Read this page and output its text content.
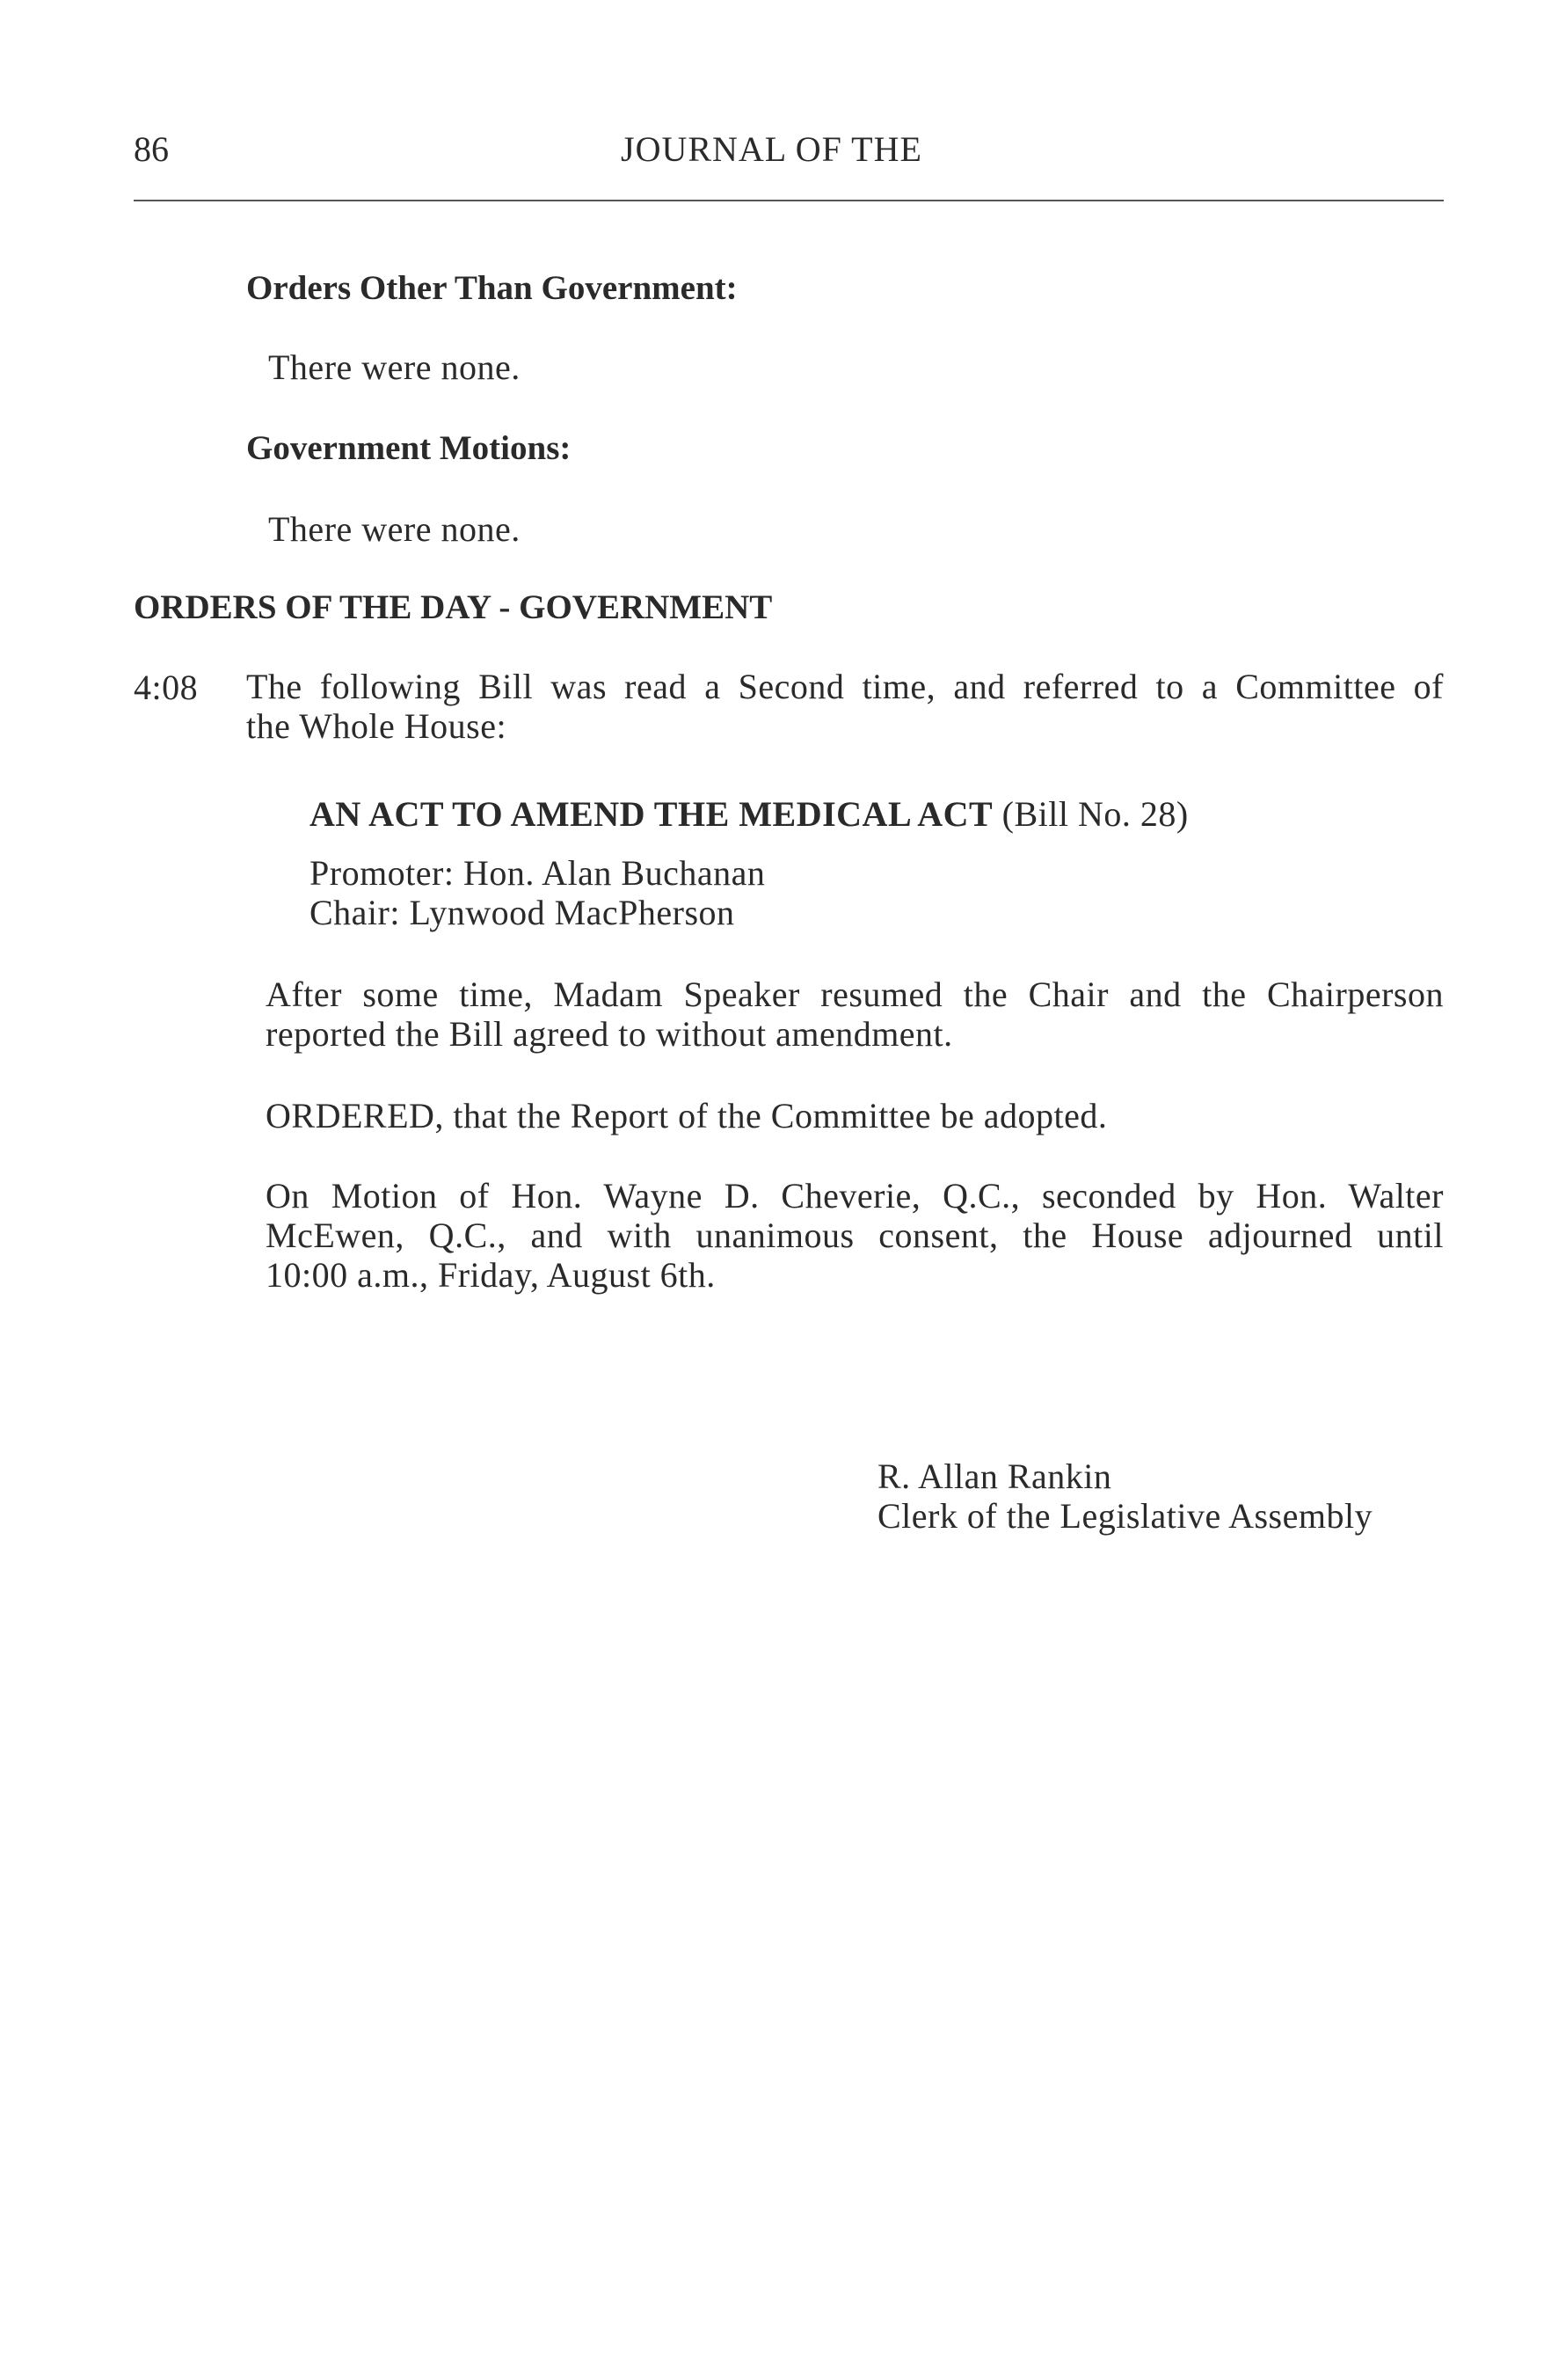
86	JOURNAL OF THE
Orders Other Than Government:
There were none.
Government Motions:
There were none.
ORDERS OF THE DAY - GOVERNMENT
4:08 The following Bill was read a Second time, and referred to a Committee of
the Whole House:
AN ACT TO AMEND THE MEDICAL ACT (Bill No. 28)
Promoter: Hon. Alan Buchanan
Chair: Lynwood MacPherson
After some time, Madam Speaker resumed the Chair and the Chairperson
reported the Bill agreed to without amendment.
ORDERED, that the Report of the Committee be adopted.
On Motion of Hon. Wayne D. Cheverie, Q.C., seconded by Hon. Walter
McEwen, Q.C., and with unanimous consent, the House adjourned until
10:00 a.m., Friday, August 6th.
R. Allan Rankin
Clerk of the Legislative Assembly
